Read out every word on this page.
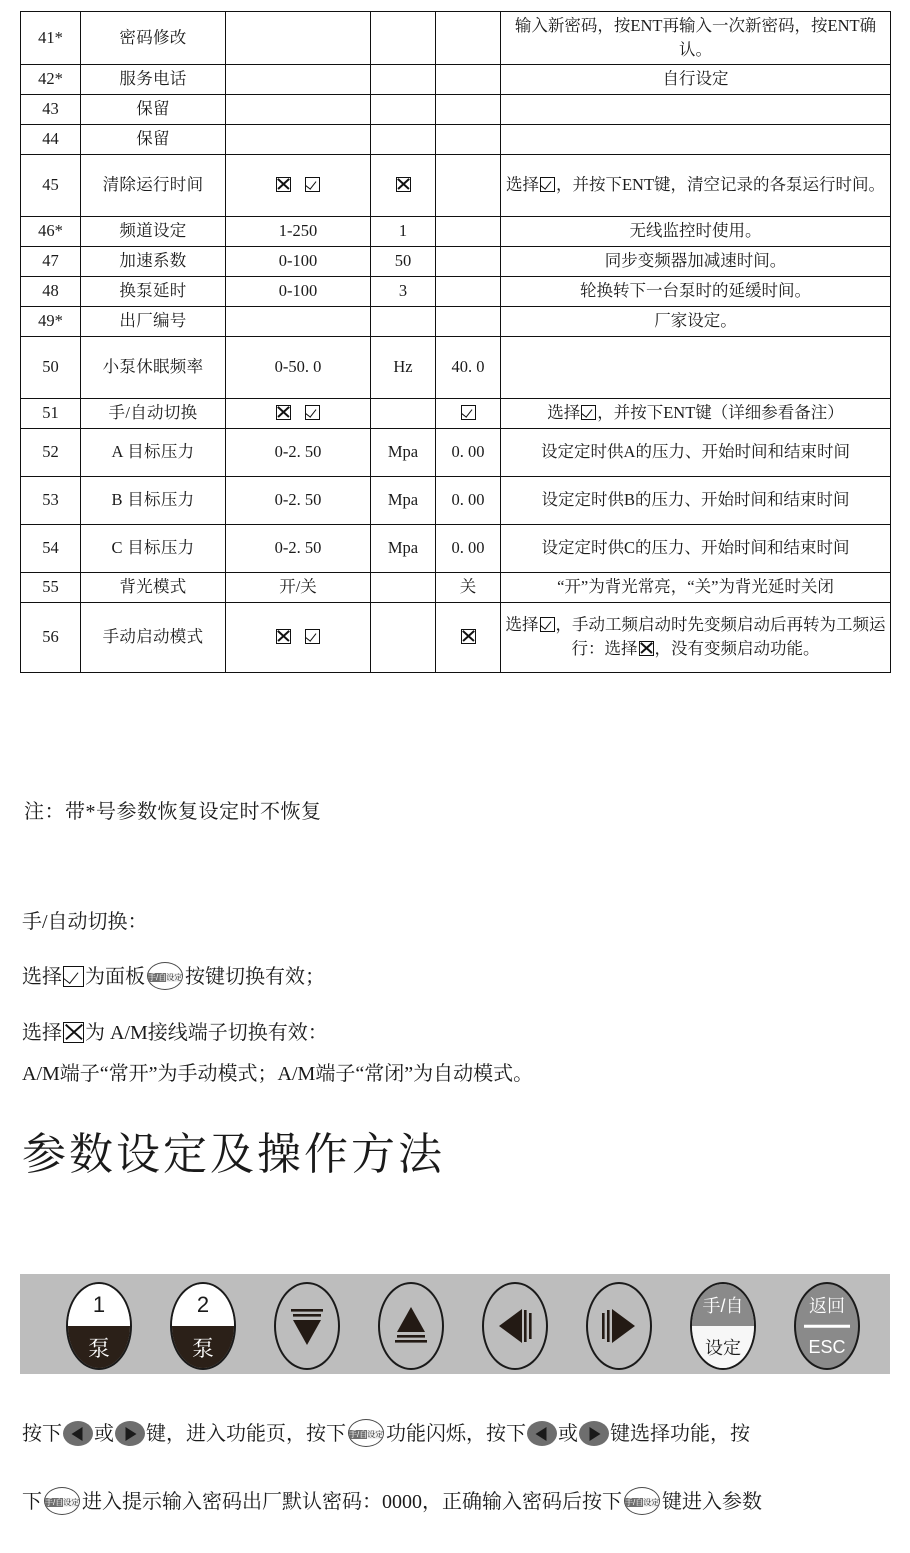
41*	密码修改				输入新密码，按ENT再输入一次新密码，按ENT确认。
42*	服务电话				自行设定
43	保留				
44	保留				
45	清除运行时间				选择 ，并按下ENT键，清空记录的各泵运行时间。
46*	频道设定	1-250	1		无线监控时使用。
47	加速系数	0-100	50		同步变频器加减速时间。
48	换泵延时	0-100	3		轮换转下一台泵时的延缓时间。
49*	出厂编号				厂家设定。
50	小泵休眠频率	0-50. 0	Hz	40. 0	
51	手/自动切换				选择 ，并按下ENT键（详细参看备注）
52	A 目标压力	0-2. 50	Mpa	0. 00	设定定时供A的压力、开始时间和结束时间
53	B 目标压力	0-2. 50	Mpa	0. 00	设定定时供B的压力、开始时间和结束时间
54	C 目标压力	0-2. 50	Mpa	0. 00	设定定时供C的压力、开始时间和结束时间
55	背光模式	开/关		关	“开”为背光常亮，“关”为背光延时关闭
56	手动启动模式				选择 ，手动工频启动时先变频启动后再转为工频运行：选择 ，没有变频启动功能。
注：带*号参数恢复设定时不恢复
手/自动切换：
选择 为面板 手/自设定 按键切换有效；
选择 为 A/M接线端子切换有效：
A/M端子“常开”为手动模式；A/M端子“常闭”为自动模式。
参数设定及操作方法
1
泵
2
泵
手/自
设定
返回
ESC
按下 或 键，进入功能页，按下 手/自设定 功能闪烁，按下 或 键选择功能，按
下 手/自设定 进入提示输入密码出厂默认密码：0000，正确输入密码后按下 手/自设定 键进入参数
